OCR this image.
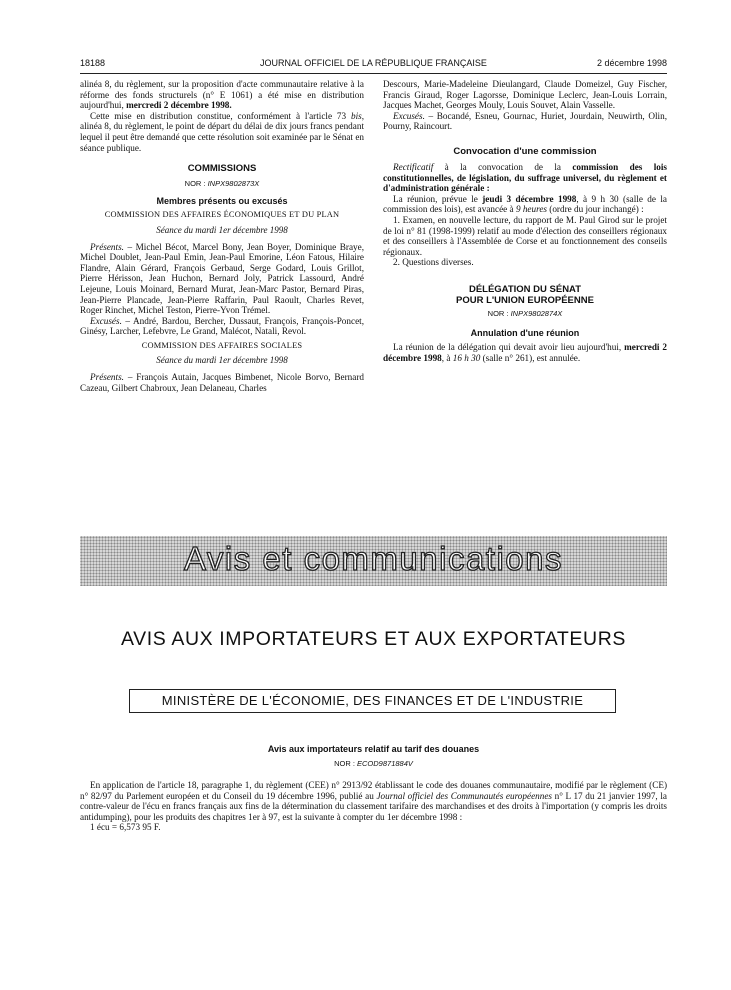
18188	JOURNAL OFFICIEL DE LA RÉPUBLIQUE FRANÇAISE	2 décembre 1998

alinéa 8, du règlement, sur la proposition d'acte communautaire relative à la réforme des fonds structurels (n° E 1061) a été mise en distribution aujourd'hui, mercredi 2 décembre 1998.

Cette mise en distribution constitue, conformément à l'article 73 bis, alinéa 8, du règlement, le point de départ du délai de dix jours francs pendant lequel il peut être demandé que cette résolution soit examinée par le Sénat en séance publique.

COMMISSIONS
NOR : INPX9802873X
Membres présents ou excusés
COMMISSION DES AFFAIRES ÉCONOMIQUES ET DU PLAN
Séance du mardi 1er décembre 1998

Présents. – Michel Bécot, Marcel Bony, Jean Boyer, Dominique Braye, Michel Doublet, Jean-Paul Emin, Jean-Paul Emorine, Léon Fatous, Hilaire Flandre, Alain Gérard, François Gerbaud, Serge Godard, Louis Grillot, Pierre Hérisson, Jean Huchon, Bernard Joly, Patrick Lassourd, André Lejeune, Louis Moinard, Bernard Murat, Jean-Marc Pastor, Bernard Piras, Jean-Pierre Plancade, Jean-Pierre Raffarin, Paul Raoult, Charles Revet, Roger Rinchet, Michel Teston, Pierre-Yvon Trémel.

Excusés. – André, Bardou, Bercher, Dussaut, François, François-Poncet, Ginésy, Larcher, Lefebvre, Le Grand, Malécot, Natali, Revol.

COMMISSION DES AFFAIRES SOCIALES
Séance du mardi 1er décembre 1998

Présents. – François Autain, Jacques Bimbenet, Nicole Borvo, Bernard Cazeau, Gilbert Chabroux, Jean Delaneau, Charles

Descours, Marie-Madeleine Dieulangard, Claude Domeizel, Guy Fischer, Francis Giraud, Roger Lagorsse, Dominique Leclerc, Jean-Louis Lorrain, Jacques Machet, Georges Mouly, Louis Souvet, Alain Vasselle.

Excusés. – Bocandé, Esneu, Gournac, Huriet, Jourdain, Neuwirth, Olin, Pourny, Raincourt.

Convocation d'une commission

Rectificatif à la convocation de la commission des lois constitutionnelles, de législation, du suffrage universel, du règlement et d'administration générale :

La réunion, prévue le jeudi 3 décembre 1998, à 9 h 30 (salle de la commission des lois), est avancée à 9 heures (ordre du jour inchangé) :

1. Examen, en nouvelle lecture, du rapport de M. Paul Girod sur le projet de loi n° 81 (1998-1999) relatif au mode d'élection des conseillers régionaux et des conseillers à l'Assemblée de Corse et au fonctionnement des conseils régionaux.

2. Questions diverses.

DÉLÉGATION DU SÉNAT
POUR L'UNION EUROPÉENNE
NOR : INPX9802874X
Annulation d'une réunion

La réunion de la délégation qui devait avoir lieu aujourd'hui, mercredi 2 décembre 1998, à 16 h 30 (salle n° 261), est annulée.

Avis et communications
AVIS AUX IMPORTATEURS ET AUX EXPORTATEURS
MINISTÈRE DE L'ÉCONOMIE, DES FINANCES ET DE L'INDUSTRIE
Avis aux importateurs relatif au tarif des douanes
NOR : ECOD9871884V

En application de l'article 18, paragraphe 1, du règlement (CEE) n° 2913/92 établissant le code des douanes communautaire, modifié par le règlement (CE) n° 82/97 du Parlement européen et du Conseil du 19 décembre 1996, publié au Journal officiel des Communautés européennes n° L 17 du 21 janvier 1997, la contre-valeur de l'écu en francs français aux fins de la détermination du classement tarifaire des marchandises et des droits à l'importation (y compris les droits antidumping), pour les produits des chapitres 1er à 97, est la suivante à compter du 1er décembre 1998 :

1 écu = 6,573 95 F.
